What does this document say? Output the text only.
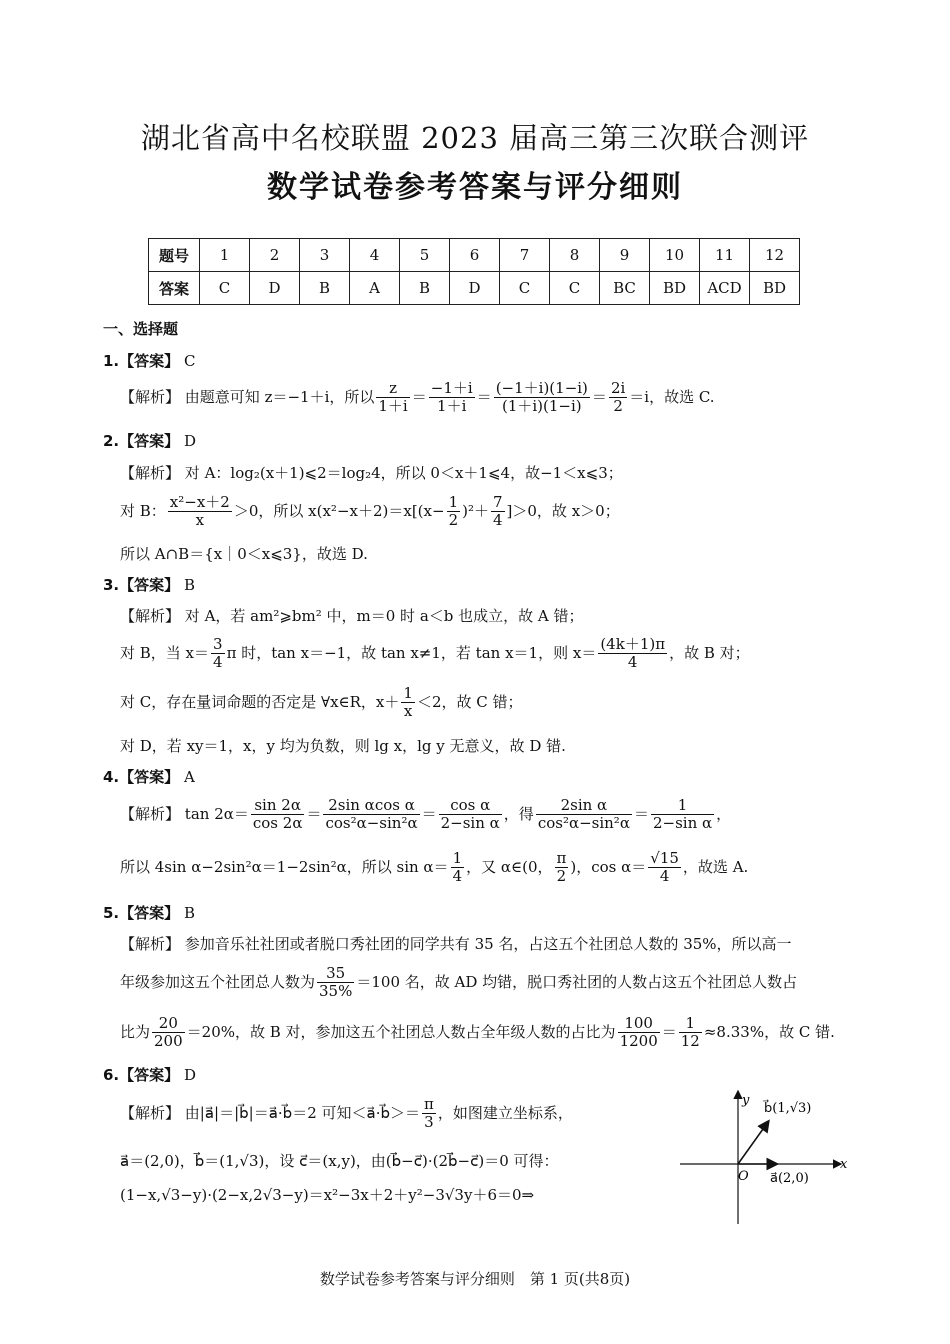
湖北省高中名校联盟 2023 届高三第三次联合测评
数学试卷参考答案与评分细则
题号	1	2	3	4	5	6	7	8	9	10	11	12
答案	C	D	B	A	B	D	C	C	BC	BD	ACD	BD
一、选择题
1.【答案】 C
【解析】 由题意可知 z＝−1＋i，所以 $\frac{z}{1+i} = \frac{-1+i}{1+i} = \frac{(-1+i)(1-i)}{(1+i)(1-i)} = \frac{2i}{2} =i$，故选 C.
2.【答案】 D
【解析】 对 A：log₂(x＋1)⩽2＝log₂4，所以 0＜x＋1⩽4，故−1＜x⩽3；
对 B： $\frac{\text{x²−x＋2}}{x} >0$，所以 $x(x^2-x+2)=x[(x- \frac{1}{2} )^2+ \frac{7}{4} ]>0$，故 x＞0；
所以 A∩B＝{x｜0＜x⩽3}，故选 D.
3.【答案】 B
【解析】 对 A，若 am²⩾bm² 中，m＝0 时 a＜b 也成立，故 A 错；
对 B，当 $x= \frac{3}{4}$ π 时，tan x＝−1，故 tan x≠1，若 tan x＝1，则 $x= \frac{(4k+1)\pi}{4}$ ，故 B 对；
对 C，存在量词命题的否定是 ∀x∈R，$x+ \frac{1}{x} <2$，故 C 错；
对 D，若 xy＝1，x，y 均为负数，则 lg x，lg y 无意义，故 D 错.
4.【答案】 A
【解析】 $\tan 2\alpha= \frac{\sin 2\alpha}{\cos 2\alpha} = \frac{\text{2sin αcos α}}{\text{cos²α−sin²α}} = \frac{\text{cos α}}{\text{2−sin α}}$ ，得 $\frac{\text{2sin α}}{\text{cos²α−sin²α}} = \frac{1}{\text{2−sin α}}$ ，
所以 4sin α−2sin²α＝1−2sin²α，所以 $\sin \alpha= \frac{1}{4}$ ，又 α∈(0， $\frac{\pi}{2}$ )，$\cos \alpha= \frac{√15}{4}$ ，故选 A.
5.【答案】 B
【解析】 参加音乐社社团或者脱口秀社团的同学共有 35 名，占这五个社团总人数的 35%，所以高一
年级参加这五个社团总人数为 $\frac{35}{35\%} =100$ 名，故 AD 均错，脱口秀社团的人数占这五个社团总人数占
比为 $\frac{20}{200} =20\%$，故 B 对，参加这五个社团总人数占全年级人数的占比为 $\frac{100}{1200} = \frac{1}{12} \approx 8.33\%$，故 C 错.
6.【答案】 D
【解析】 由|a⃗|＝|b⃗|＝a⃗·b⃗＝2 可知＜a⃗·b⃗＞＝ $\frac{\pi}{3}$ ，如图建立坐标系，
a⃗＝(2,0)，b⃗＝(1,√3)，设 c⃗＝(x,y)，由(b⃗−c⃗)·(2b⃗−c⃗)＝0 可得：
(1−x,√3−y)·(2−x,2√3−y)＝x²−3x＋2＋y²−3√3y＋6＝0⇒
y
x
O
b⃗(1,√3)
a⃗(2,0)
数学试卷参考答案与评分细则　第 1 页(共8页)
